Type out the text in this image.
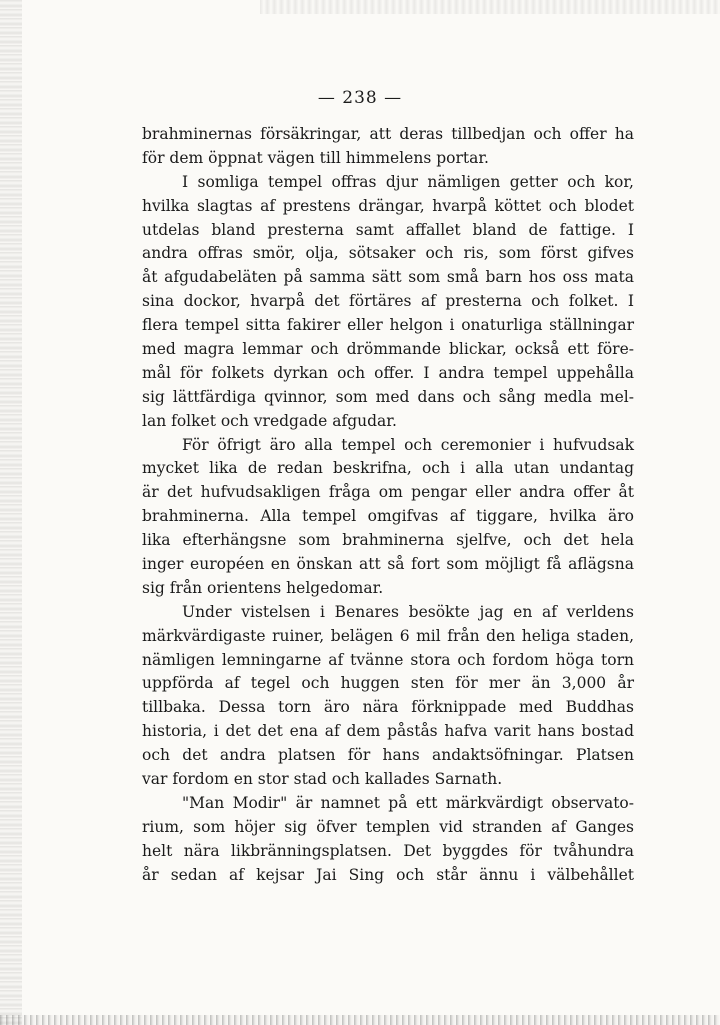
— 238 —
brahminernas försäkringar, att deras tillbedjan och offer ha
för dem öppnat vägen till himmelens portar.
I somliga tempel offras djur nämligen getter och kor,
hvilka slagtas af prestens drängar, hvarpå köttet och blodet
utdelas bland presterna samt affallet bland de fattige. I
andra offras smör, olja, sötsaker och ris, som först gifves
åt afgudabeläten på samma sätt som små barn hos oss mata
sina dockor, hvarpå det förtäres af presterna och folket. I
flera tempel sitta fakirer eller helgon i onaturliga ställningar
med magra lemmar och drömmande blickar, också ett före-
mål för folkets dyrkan och offer. I andra tempel uppehålla
sig lättfärdiga qvinnor, som med dans och sång medla mel-
lan folket och vredgade afgudar.
För öfrigt äro alla tempel och ceremonier i hufvudsak
mycket lika de redan beskrifna, och i alla utan undantag
är det hufvudsakligen fråga om pengar eller andra offer åt
brahminerna. Alla tempel omgifvas af tiggare, hvilka äro
lika efterhängsne som brahminerna sjelfve, och det hela
inger européen en önskan att så fort som möjligt få aflägsna
sig från orientens helgedomar.
Under vistelsen i Benares besökte jag en af verldens
märkvärdigaste ruiner, belägen 6 mil från den heliga staden,
nämligen lemningarne af tvänne stora och fordom höga torn
uppförda af tegel och huggen sten för mer än 3,000 år
tillbaka. Dessa torn äro nära förknippade med Buddhas
historia, i det det ena af dem påstås hafva varit hans bostad
och det andra platsen för hans andaktsöfningar. Platsen
var fordom en stor stad och kallades Sarnath.
"Man Modir" är namnet på ett märkvärdigt observato-
rium, som höjer sig öfver templen vid stranden af Ganges
helt nära likbränningsplatsen. Det byggdes för tvåhundra
år sedan af kejsar Jai Sing och står ännu i välbehållet
